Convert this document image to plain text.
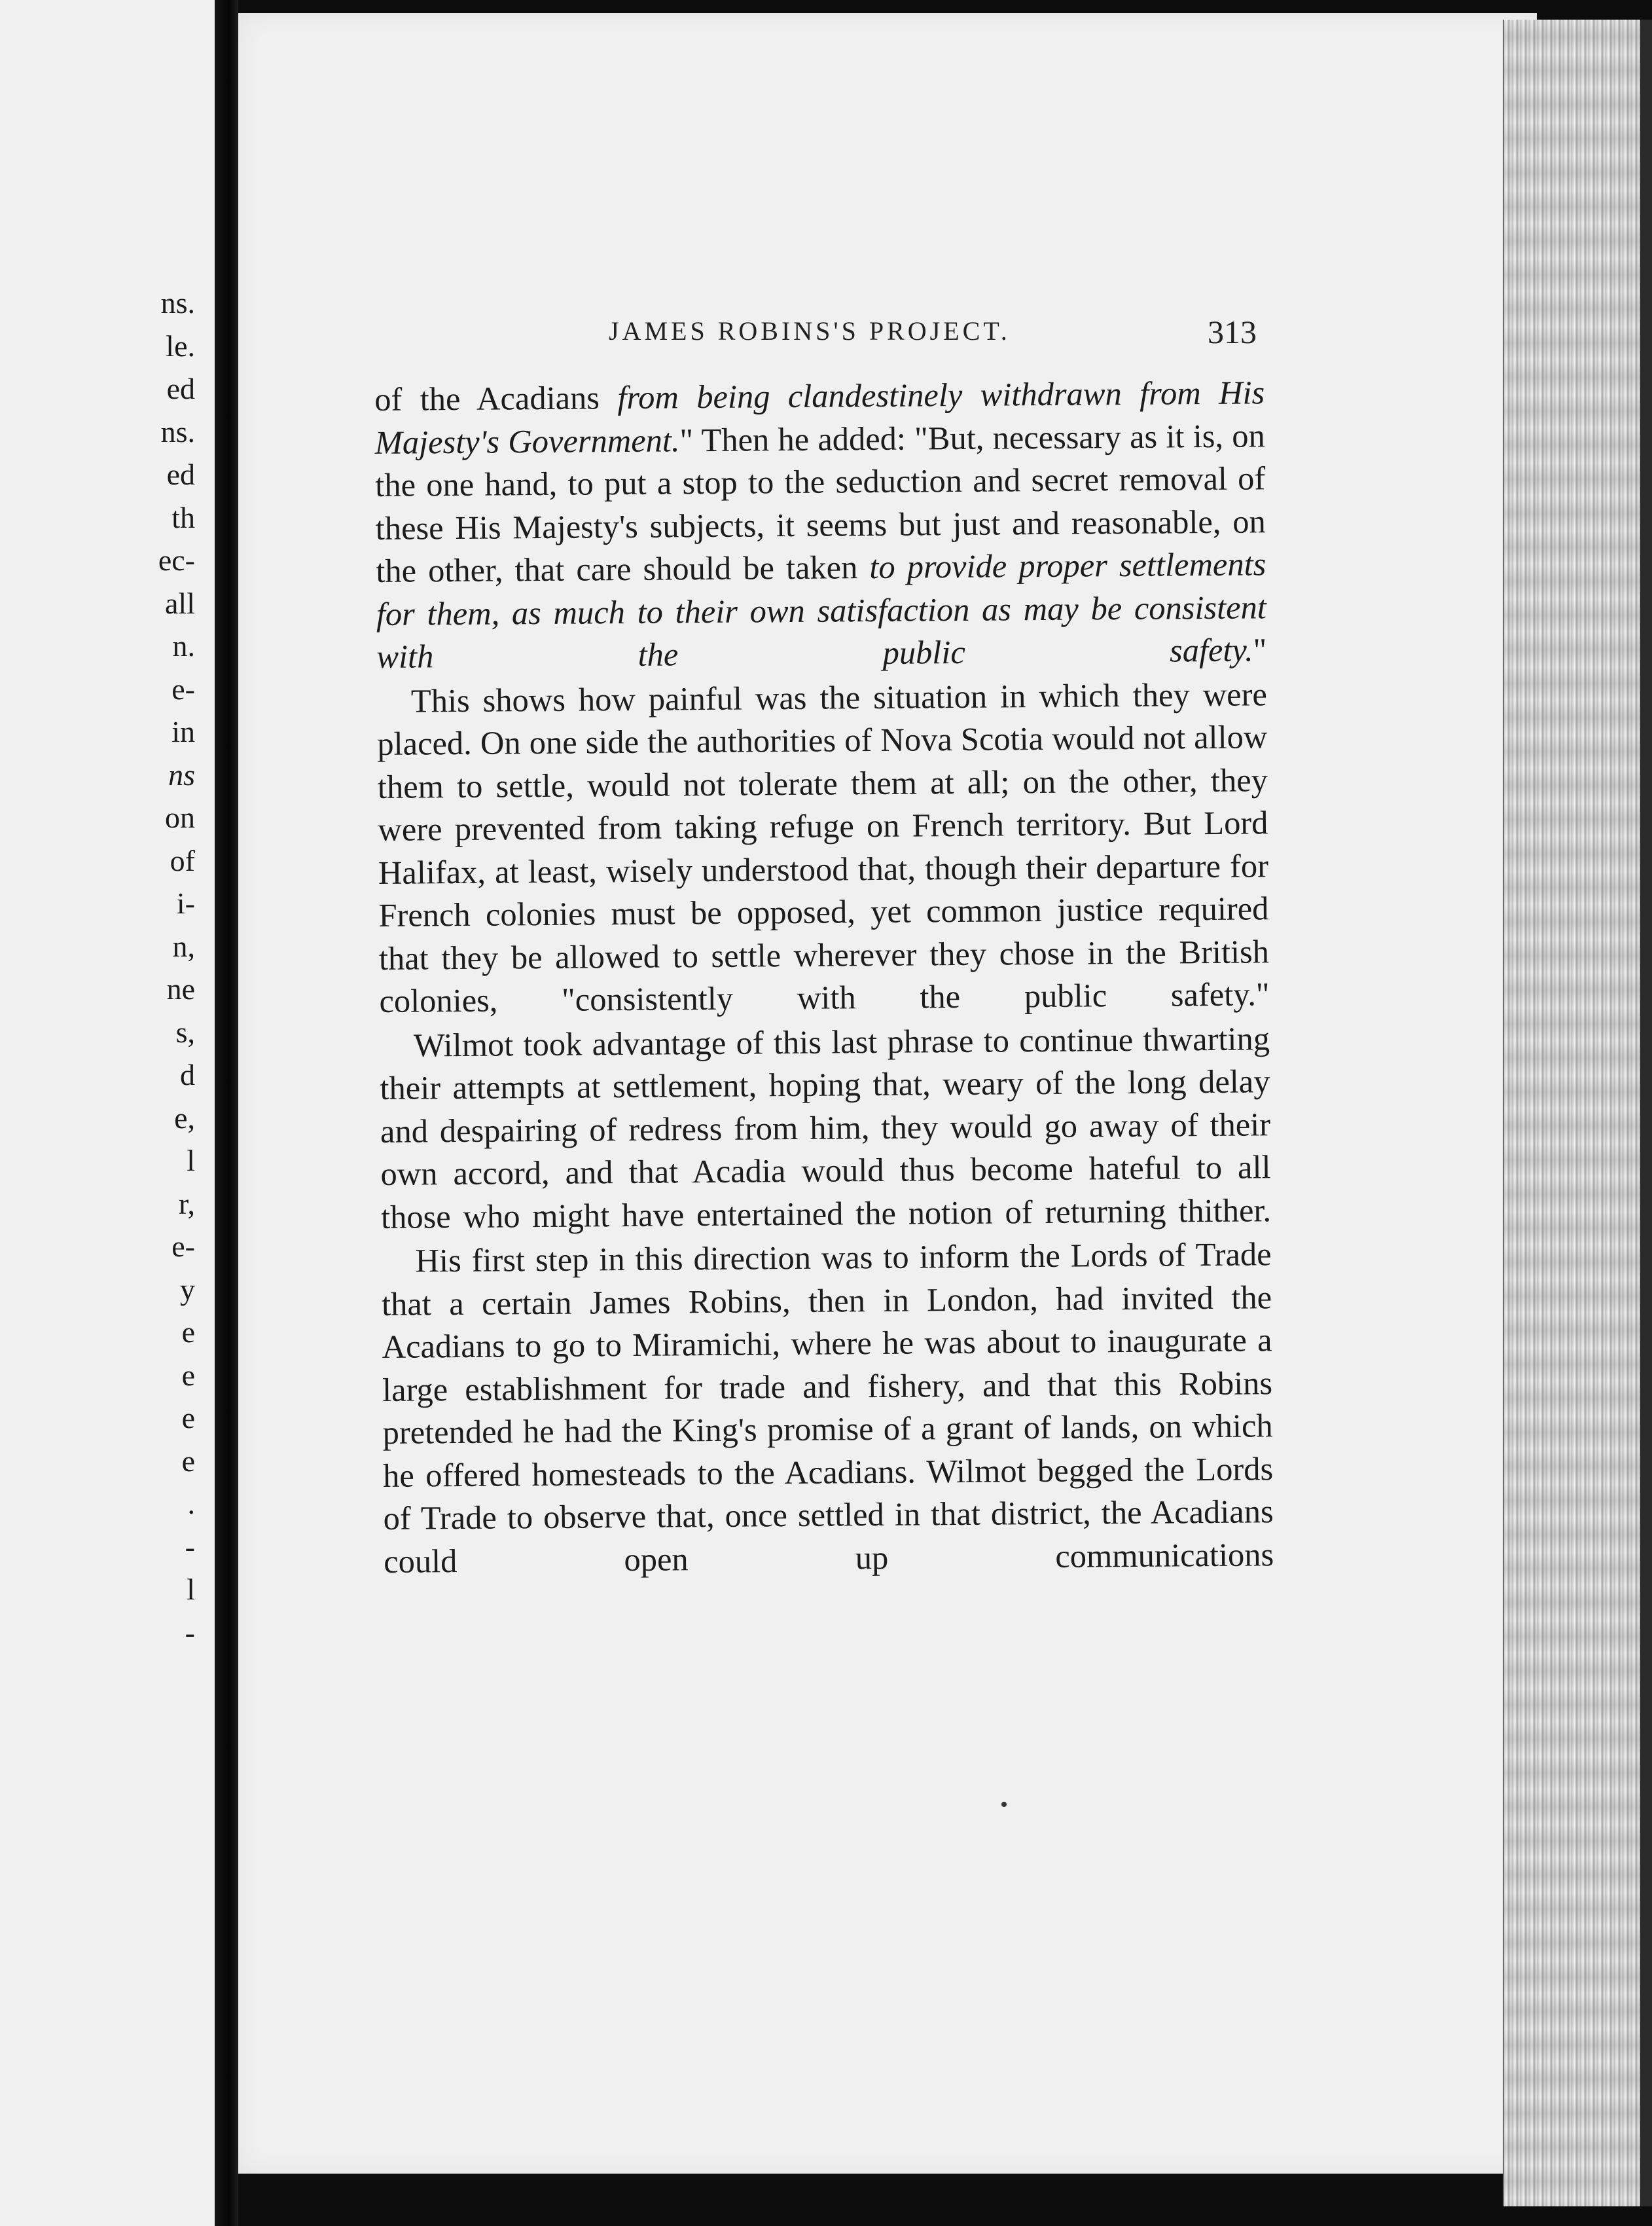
ns.
le.
ed
ns.
ed
th
ec-
all
n.
e-
in
ns
on
of
i-
n,
ne
s,
d
e,
l
r,
e-
y
e
e
e
e
.
-
l
-
JAMES ROBINS'S PROJECT.	313

of the Acadians from being clandestinely withdrawn from His Majesty's Government." Then he added: "But, necessary as it is, on the one hand, to put a stop to the seduction and secret removal of these His Majesty's subjects, it seems but just and reasonable, on the other, that care should be taken to provide proper settlements for them, as much to their own satisfaction as may be consistent with the public safety."

This shows how painful was the situation in which they were placed. On one side the authorities of Nova Scotia would not allow them to settle, would not tolerate them at all; on the other, they were prevented from taking refuge on French territory. But Lord Halifax, at least, wisely understood that, though their departure for French colonies must be opposed, yet common justice required that they be allowed to settle wherever they chose in the British colonies, "consistently with the public safety."

Wilmot took advantage of this last phrase to continue thwarting their attempts at settlement, hoping that, weary of the long delay and despairing of redress from him, they would go away of their own accord, and that Acadia would thus become hateful to all those who might have entertained the notion of returning thither.

His first step in this direction was to inform the Lords of Trade that a certain James Robins, then in London, had invited the Acadians to go to Miramichi, where he was about to inaugurate a large establishment for trade and fishery, and that this Robins pretended he had the King's promise of a grant of lands, on which he offered homesteads to the Acadians. Wilmot begged the Lords of Trade to observe that, once settled in that district, the Acadians could open up communications
